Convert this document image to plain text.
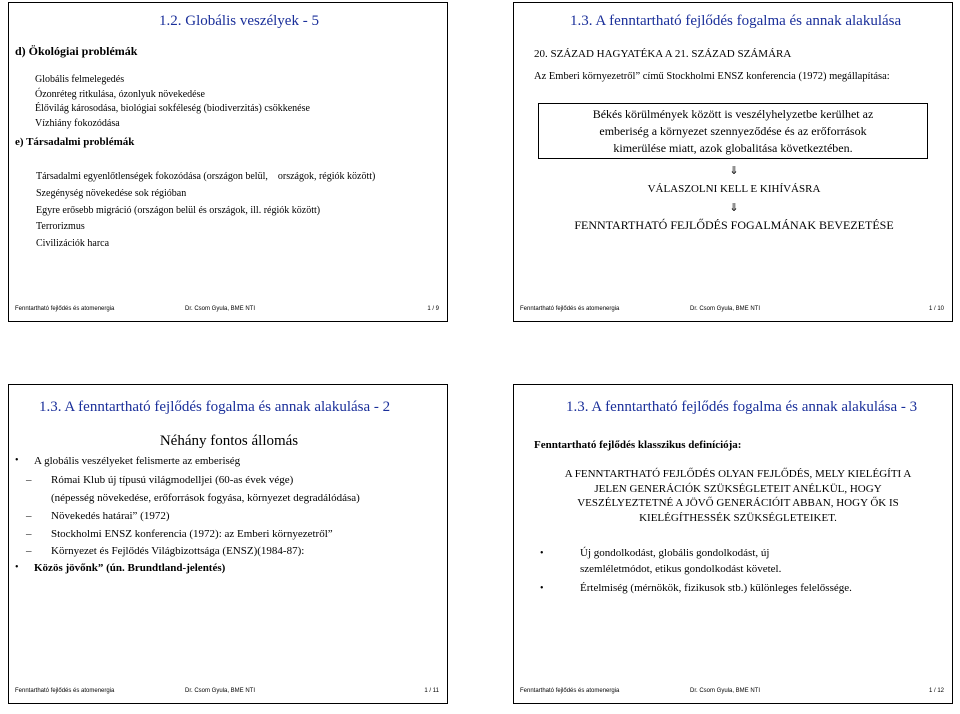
1.2. Globális veszélyek - 5
d) Ökológiai problémák
Globális felmelegedés
Ózonréteg ritkulása, ózonlyuk növekedése
Élővilág károsodása, biológiai sokféleség (biodiverzitás) csökkenése
Vízhiány fokozódása
e) Társadalmi problémák
Társadalmi egyenlőtlenségek fokozódása (országon belül,    országok, régiók között)
Szegénység növekedése sok régióban
Egyre erősebb migráció (országon belül és országok, ill. régiók között)
Terrorizmus
Civilizációk harca
Fenntartható fejlődés és atomenergia	Dr. Csom Gyula, BME NTI	1 / 9
1.3. A fenntartható fejlődés fogalma és annak alakulása
20. SZÁZAD HAGYATÉKA A 21. SZÁZAD SZÁMÁRA
Az Emberi környezetről” című Stockholmi ENSZ konferencia (1972) megállapítása:
Békés körülmények között is veszélyhelyzetbe kerülhet az
emberiség a környezet szennyeződése és az erőforrások
kimerülése miatt, azok globalitása következtében.
⇓
VÁLASZOLNI KELL E KIHÍVÁSRA
⇓
FENNTARTHATÓ FEJLŐDÉS FOGALMÁNAK BEVEZETÉSE
Fenntartható fejlődés és atomenergia	Dr. Csom Gyula, BME NTI	1 / 10
1.3. A fenntartható fejlődés fogalma és annak alakulása - 2
Néhány fontos állomás
• A globális veszélyeket felismerte az emberiség
– Római Klub új típusú világmodelljei (60-as évek vége)
(népesség növekedése, erőforrások fogyása, környezet degradálódása)
– Növekedés határai” (1972)
– Stockholmi ENSZ konferencia (1972): az Emberi környezetről”
– Környezet és Fejlődés Világbizottsága (ENSZ)(1984-87):
• Közös jövőnk” (ún. Brundtland-jelentés)
Fenntartható fejlődés és atomenergia	Dr. Csom Gyula, BME NTI	1 / 11
1.3. A fenntartható fejlődés fogalma és annak alakulása - 3
Fenntartható fejlődés klasszikus definíciója:
A FENNTARTHATÓ FEJLŐDÉS OLYAN FEJLŐDÉS, MELY KIELÉGÍTI A
JELEN GENERÁCIÓK SZÜKSÉGLETEIT ANÉLKÜL, HOGY
VESZÉLYEZTETNÉ A JÖVŐ GENERÁCIÓIT ABBAN, HOGY ŐK IS
KIELÉGÍTHESSÉK SZÜKSÉGLETEIKET.
•	Új gondolkodást, globális gondolkodást, új
szemléletmódot, etikus gondolkodást követel.
•	Értelmiség (mérnökök, fizikusok stb.) különleges felelőssége.
Fenntartható fejlődés és atomenergia	Dr. Csom Gyula, BME NTI	1 / 12
